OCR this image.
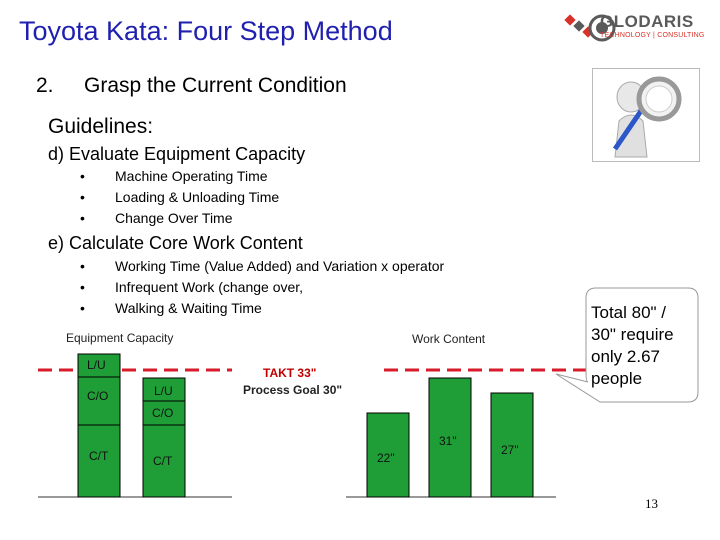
Toyota Kata: Four Step Method	GLODARIS
TECHNOLOGY | CONSULTING
2. Grasp the Current Condition
Guidelines:
d) Evaluate Equipment Capacity
• Machine Operating Time
• Loading & Unloading Time
• Change Over Time
e) Calculate Core Work Content
• Working Time (Value Added) and Variation x operator
• Infrequent Work (change over,
• Walking & Waiting Time
Equipment Capacity	Work Content
TAKT 33"
Process Goal 30"
L/U
C/O
C/T
L/U
C/O
C/T	22"
31"
27"
Total 80" / 30" require only 2.67 people
13
